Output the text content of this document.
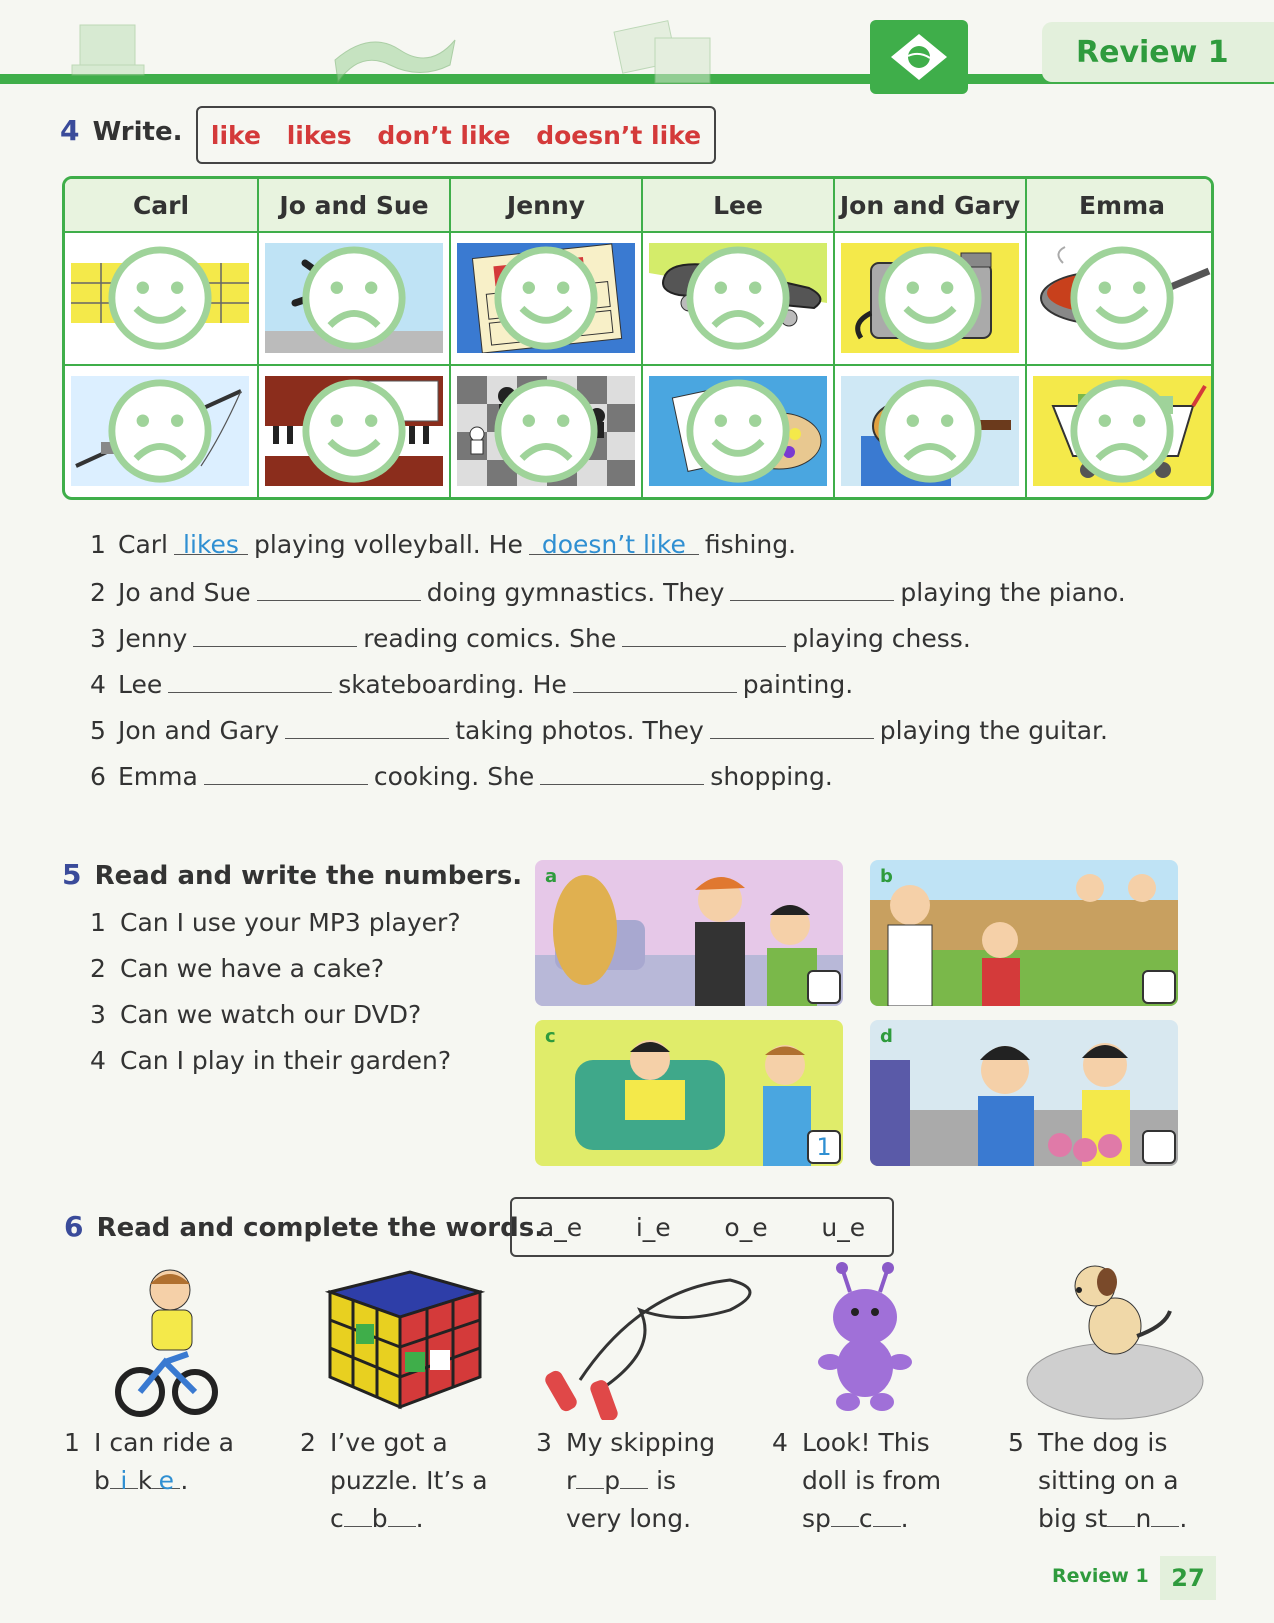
Review 1
4 Write. like likes don’t like doesn’t like
Carl	Jo and Sue	Jenny	Lee	Jon and Gary	Emma
1 Carl likes playing volleyball. He doesn’t like fishing.
2 Jo and Sue	doing gymnastics. They	playing the piano.
3 Jenny	reading comics. She	playing chess.
4 Lee	skateboarding. He	painting.
5 Jon and Gary	taking photos. They	playing the guitar.
6 Emma	cooking. She	shopping.
5 Read and write the numbers.
1 Can I use your MP3 player?
2 Can we have a cake?
3 Can we watch our DVD?
4 Can I play in their garden?
a	b
c
1
d
6 Read and complete the words.
a_e i_e o_e u_e
1 I can ride a
b i k e .
2 I’ve got a
puzzle. It’s a
c b .
3 My skipping
r p is
very long.
4 Look! This
doll is from
sp c .
5 The dog is
sitting on a
big st n .
Review 1 27
